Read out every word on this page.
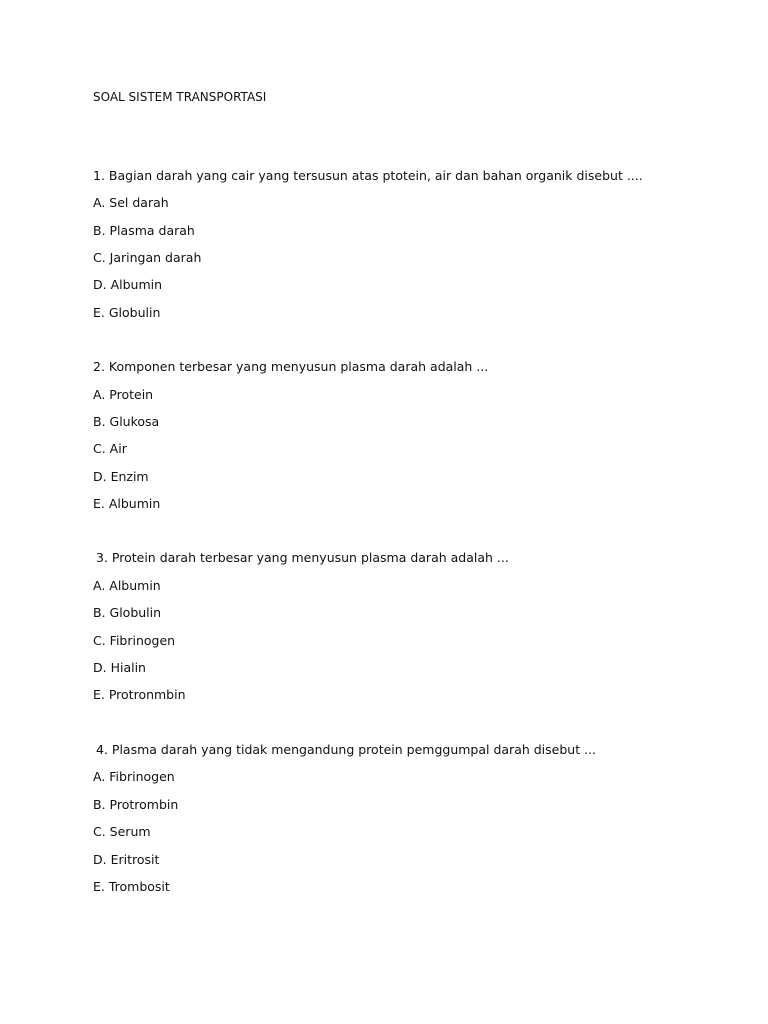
SOAL SISTEM TRANSPORTASI
1. Bagian darah yang cair yang tersusun atas ptotein, air dan bahan organik disebut ....
A. Sel darah
B. Plasma darah
C. Jaringan darah
D. Albumin
E. Globulin
2. Komponen terbesar yang menyusun plasma darah adalah ...
A. Protein
B. Glukosa
C. Air
D. Enzim
E. Albumin
3. Protein darah terbesar yang menyusun plasma darah adalah ...
A. Albumin
B. Globulin
C. Fibrinogen
D. Hialin
E. Protronmbin
4. Plasma darah yang tidak mengandung protein pemggumpal darah disebut ...
A. Fibrinogen
B. Protrombin
C. Serum
D. Eritrosit
E. Trombosit
